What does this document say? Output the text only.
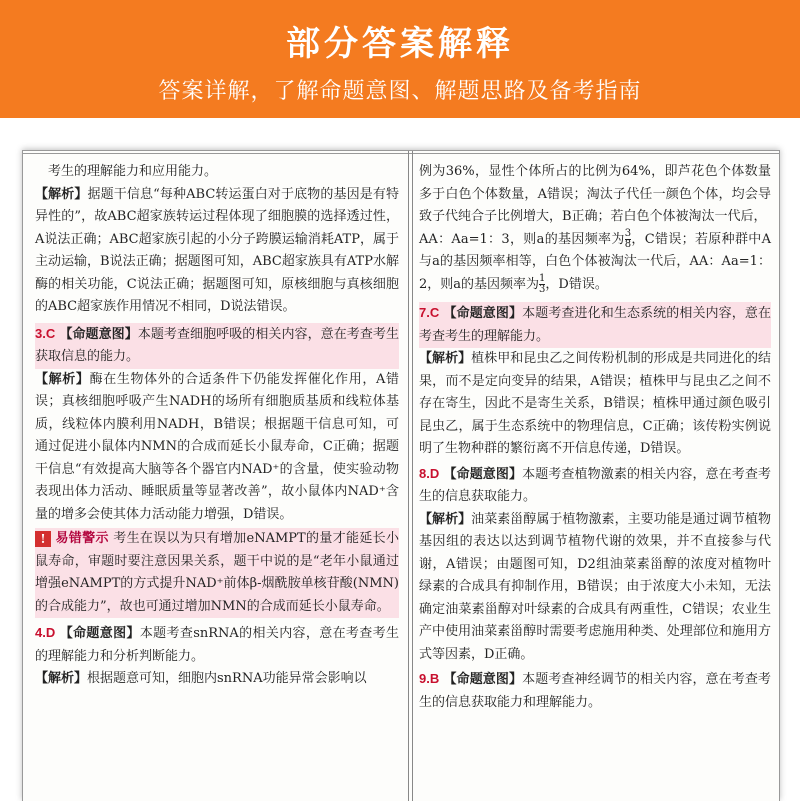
部分答案解释
答案详解，了解命题意图、解题思路及备考指南

考生的理解能力和应用能力。

【解析】据题干信息“每种ABC转运蛋白对于底物的基因是有特异性的”，故ABC超家族转运过程体现了细胞膜的选择透过性，A说法正确；ABC超家族引起的小分子跨膜运输消耗ATP，属于主动运输，B说法正确；据题图可知，ABC超家族具有ATP水解酶的相关功能，C说法正确；据题图可知，原核细胞与真核细胞的ABC超家族作用情况不相同，D说法错误。

3.C 【命题意图】本题考查细胞呼吸的相关内容，意在考查考生获取信息的能力。

【解析】酶在生物体外的合适条件下仍能发挥催化作用，A错误；真核细胞呼吸产生NADH的场所有细胞质基质和线粒体基质，线粒体内膜利用NADH，B错误；根据题干信息可知，可通过促进小鼠体内NMN的合成而延长小鼠寿命，C正确；据题干信息“有效提高大脑等各个器官内NAD⁺的含量，使实验动物表现出体力活动、睡眠质量等显著改善”，故小鼠体内NAD⁺含量的增多会使其体力活动能力增强，D错误。

! 易错警示 考生在误以为只有增加eNAMPT的量才能延长小鼠寿命，审题时要注意因果关系，题干中说的是“老年小鼠通过增强eNAMPT的方式提升NAD⁺前体β-烟酰胺单核苷酸(NMN)的合成能力”，故也可通过增加NMN的合成而延长小鼠寿命。

4.D 【命题意图】本题考查snRNA的相关内容，意在考查考生的理解能力和分析判断能力。

【解析】根据题意可知，细胞内snRNA功能异常会影响以

例为36%，显性个体所占的比例为64%，即芦花色个体数量多于白色个体数量，A错误；淘汰子代任一颜色个体，均会导致子代纯合子比例增大，B正确；若白色个体被淘汰一代后，

AA：Aa=1：3，则a的基因频率为 $\frac{3}{8}$ ，C错误；若原种群中A与a的基因频率相等，白色个体被淘汰一代后，AA：Aa=1：2，则a的基因频率为 $\frac{1}{3}$ ，D错误。

7.C 【命题意图】本题考查进化和生态系统的相关内容，意在考查考生的理解能力。

【解析】植株甲和昆虫乙之间传粉机制的形成是共同进化的结果，而不是定向变异的结果，A错误；植株甲与昆虫乙之间不存在寄生，因此不是寄生关系，B错误；植株甲通过颜色吸引昆虫乙，属于生态系统中的物理信息，C正确；该传粉实例说明了生物种群的繁衍离不开信息传递，D错误。

8.D 【命题意图】本题考查植物激素的相关内容，意在考查考生的信息获取能力。

【解析】油菜素甾醇属于植物激素，主要功能是通过调节植物基因组的表达以达到调节植物代谢的效果，并不直接参与代谢，A错误；由题图可知，D2组油菜素甾醇的浓度对植物叶绿素的合成具有抑制作用，B错误；由于浓度大小未知，无法确定油菜素甾醇对叶绿素的合成具有两重性，C错误；农业生产中使用油菜素甾醇时需要考虑施用种类、处理部位和施用方式等因素，D正确。

9.B 【命题意图】本题考查神经调节的相关内容，意在考查考生的信息获取能力和理解能力。
